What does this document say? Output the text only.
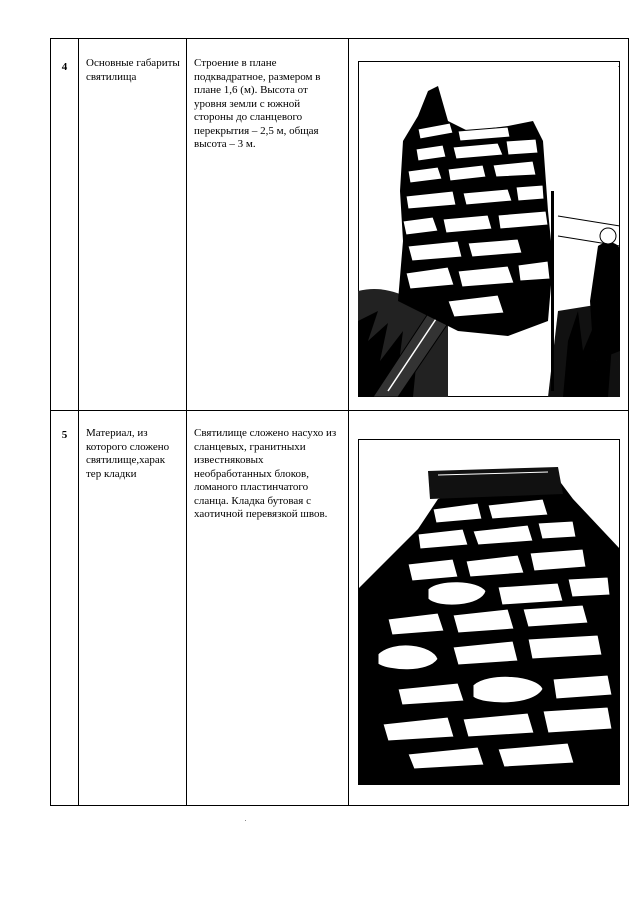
4	Основные габариты святилища	Строение в плане подквадратное, размером в плане 1,6 (м). Высота от уровня земли с южной стороны до сланцевого перекрытия – 2,5 м, общая высота – 3 м.	

5	Материал, из которого сложено святилище,харак тер кладки	Святилище сложено насухо из сланцевых, гранитныхи известняковых необработанных блоков, ломаного пластинчатого сланца. Кладка бутовая с хаотичной перевязкой швов.	
